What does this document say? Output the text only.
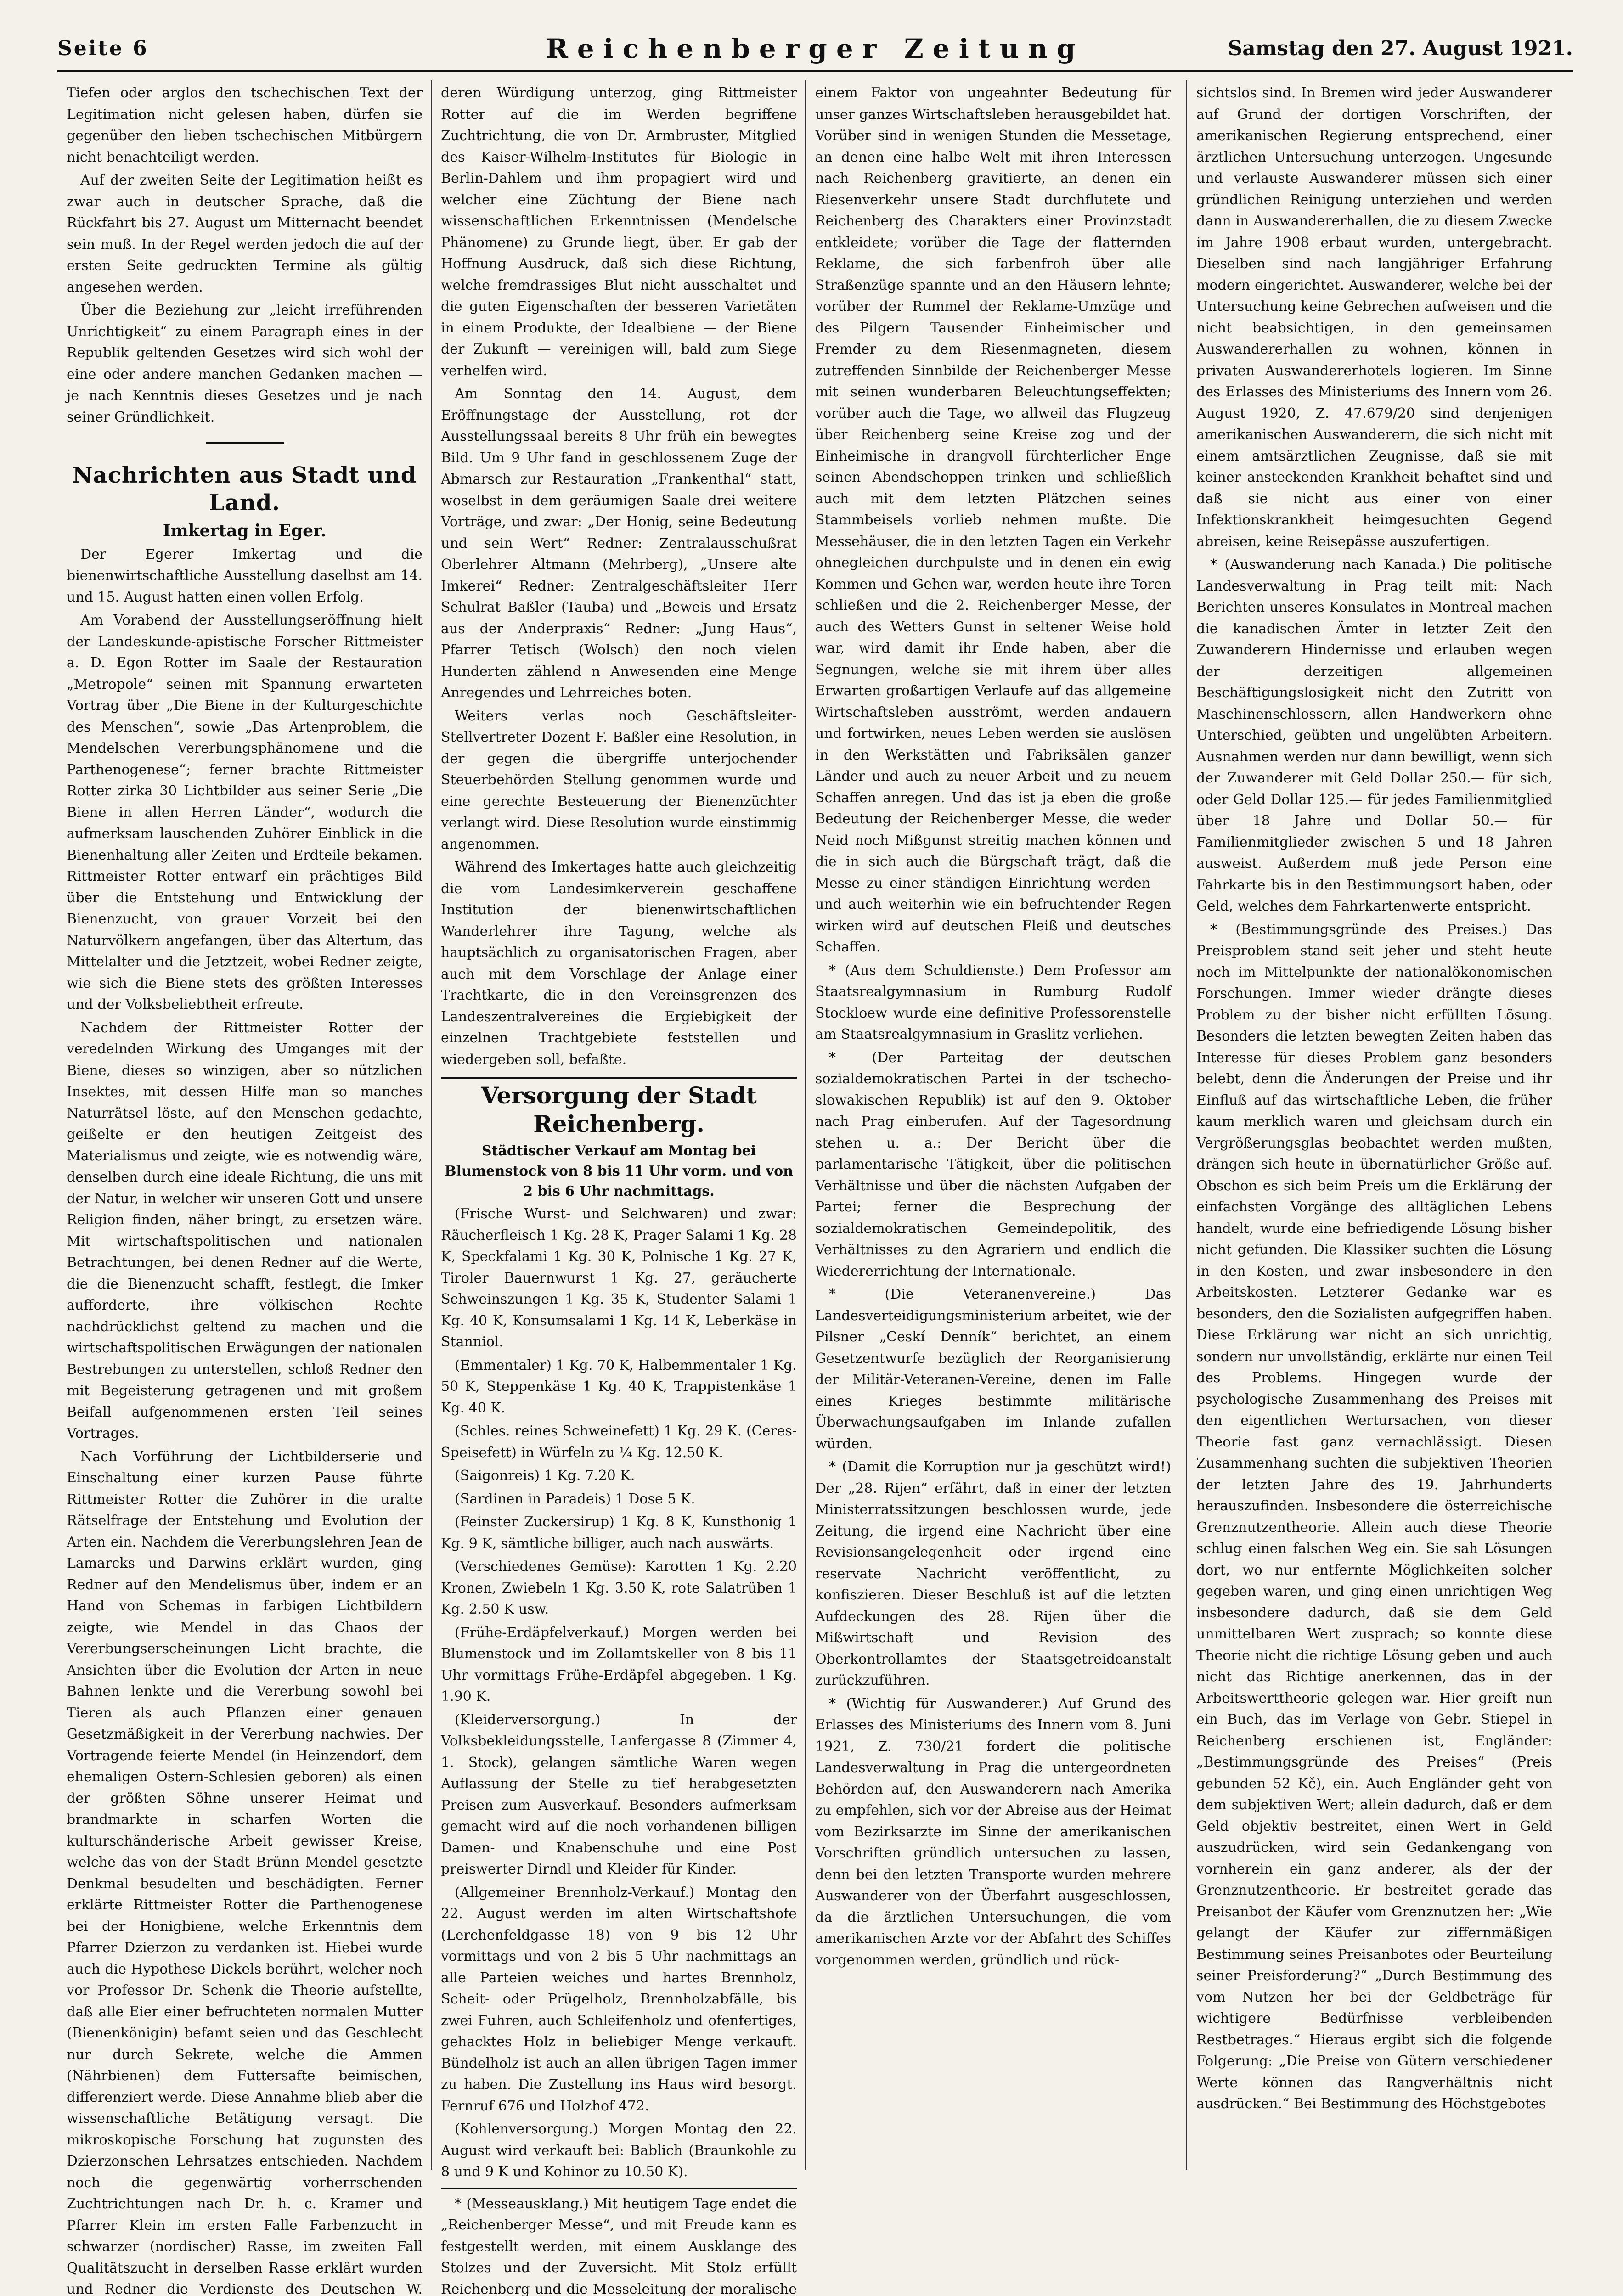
Seite 6	Reichenberger Zeitung	Samstag den 27. August 1921.

Tiefen oder arglos den tschechischen Text der Legitimation nicht gelesen haben, dürfen sie gegenüber den lieben tschechischen Mitbürgern nicht benachteiligt werden.

Auf der zweiten Seite der Legitimation heißt es zwar auch in deutscher Sprache, daß die Rückfahrt bis 27. August um Mitternacht beendet sein muß. In der Regel werden jedoch die auf der ersten Seite gedruckten Termine als gültig angesehen werden.

Über die Beziehung zur „leicht irreführenden Unrichtigkeit“ zu einem Paragraph eines in der Republik geltenden Gesetzes wird sich wohl der eine oder andere manchen Gedanken machen — je nach Kenntnis dieses Gesetzes und je nach seiner Gründlichkeit.

Nachrichten aus Stadt und Land.
Imkertag in Eger.

Der Egerer Imkertag und die bienenwirtschaftliche Ausstellung daselbst am 14. und 15. August hatten einen vollen Erfolg.

Am Vorabend der Ausstellungseröffnung hielt der Landeskunde-apistische Forscher Rittmeister a. D. Egon Rotter im Saale der Restauration „Metropole“ seinen mit Spannung erwarteten Vortrag über „Die Biene in der Kulturgeschichte des Menschen“, sowie „Das Artenproblem, die Mendelschen Vererbungsphänomene und die Parthenogenese“; ferner brachte Rittmeister Rotter zirka 30 Lichtbilder aus seiner Serie „Die Biene in allen Herren Länder“, wodurch die aufmerksam lauschenden Zuhörer Einblick in die Bienenhaltung aller Zeiten und Erdteile bekamen. Rittmeister Rotter entwarf ein prächtiges Bild über die Entstehung und Entwicklung der Bienenzucht, von grauer Vorzeit bei den Naturvölkern angefangen, über das Altertum, das Mittelalter und die Jetztzeit, wobei Redner zeigte, wie sich die Biene stets des größten Interesses und der Volksbeliebtheit erfreute.

Nachdem der Rittmeister Rotter der veredelnden Wirkung des Umganges mit der Biene, dieses so winzigen, aber so nützlichen Insektes, mit dessen Hilfe man so manches Naturrätsel löste, auf den Menschen gedachte, geißelte er den heutigen Zeitgeist des Materialismus und zeigte, wie es notwendig wäre, denselben durch eine ideale Richtung, die uns mit der Natur, in welcher wir unseren Gott und unsere Religion finden, näher bringt, zu ersetzen wäre. Mit wirtschaftspolitischen und nationalen Betrachtungen, bei denen Redner auf die Werte, die die Bienenzucht schafft, festlegt, die Imker aufforderte, ihre völkischen Rechte nachdrücklichst geltend zu machen und die wirtschaftspolitischen Erwägungen der nationalen Bestrebungen zu unterstellen, schloß Redner den mit Begeisterung getragenen und mit großem Beifall aufgenommenen ersten Teil seines Vortrages.

Nach Vorführung der Lichtbilderserie und Einschaltung einer kurzen Pause führte Rittmeister Rotter die Zuhörer in die uralte Rätselfrage der Entstehung und Evolution der Arten ein. Nachdem die Vererbungslehren Jean de Lamarcks und Darwins erklärt wurden, ging Redner auf den Mendelismus über, indem er an Hand von Schemas in farbigen Lichtbildern zeigte, wie Mendel in das Chaos der Vererbungserscheinungen Licht brachte, die Ansichten über die Evolution der Arten in neue Bahnen lenkte und die Vererbung sowohl bei Tieren als auch Pflanzen einer genauen Gesetzmäßigkeit in der Vererbung nachwies. Der Vortragende feierte Mendel (in Heinzendorf, dem ehemaligen Ostern-Schlesien geboren) als einen der größten Söhne unserer Heimat und brandmarkte in scharfen Worten die kulturschänderische Arbeit gewisser Kreise, welche das von der Stadt Brünn Mendel gesetzte Denkmal besudelten und beschädigten. Ferner erklärte Rittmeister Rotter die Parthenogenese bei der Honigbiene, welche Erkenntnis dem Pfarrer Dzierzon zu verdanken ist. Hiebei wurde auch die Hypothese Dickels berührt, welcher noch vor Professor Dr. Schenk die Theorie aufstellte, daß alle Eier einer befruchteten normalen Mutter (Bienenkönigin) befamt seien und das Geschlecht nur durch Sekrete, welche die Ammen (Nährbienen) dem Futtersafte beimischen, differenziert werde. Diese Annahme blieb aber die wissenschaftliche Betätigung versagt. Die mikroskopische Forschung hat zugunsten des Dzierzonschen Lehrsatzes entschieden. Nachdem noch die gegenwärtig vorherrschenden Zuchtrichtungen nach Dr. h. c. Kramer und Pfarrer Klein im ersten Falle Farbenzucht in schwarzer (nordischer) Rasse, im zweiten Fall Qualitätszucht in derselben Rasse erklärt wurden und Redner die Verdienste des Deutschen W.

deren Würdigung unterzog, ging Rittmeister Rotter auf die im Werden begriffene Zuchtrichtung, die von Dr. Armbruster, Mitglied des Kaiser-Wilhelm-Institutes für Biologie in Berlin-Dahlem und ihm propagiert wird und welcher eine Züchtung der Biene nach wissenschaftlichen Erkenntnissen (Mendelsche Phänomene) zu Grunde liegt, über. Er gab der Hoffnung Ausdruck, daß sich diese Richtung, welche fremdrassiges Blut nicht ausschaltet und die guten Eigenschaften der besseren Varietäten in einem Produkte, der Idealbiene — der Biene der Zukunft — vereinigen will, bald zum Siege verhelfen wird.

Am Sonntag den 14. August, dem Eröffnungstage der Ausstellung, rot der Ausstellungssaal bereits 8 Uhr früh ein bewegtes Bild. Um 9 Uhr fand in geschlossenem Zuge der Abmarsch zur Restauration „Frankenthal“ statt, woselbst in dem geräumigen Saale drei weitere Vorträge, und zwar: „Der Honig, seine Bedeutung und sein Wert“ Redner: Zentralausschußrat Oberlehrer Altmann (Mehrberg), „Unsere alte Imkerei“ Redner: Zentralgeschäftsleiter Herr Schulrat Baßler (Tauba) und „Beweis und Ersatz aus der Anderpraxis“ Redner: „Jung Haus“, Pfarrer Tetisch (Wolsch) den noch vielen Hunderten zählend n Anwesenden eine Menge Anregendes und Lehrreiches boten.

Weiters verlas noch Geschäftsleiter-Stellvertreter Dozent F. Baßler eine Resolution, in der gegen die übergriffe unterjochender Steuerbehörden Stellung genommen wurde und eine gerechte Besteuerung der Bienenzüchter verlangt wird. Diese Resolution wurde einstimmig angenommen.

Während des Imkertages hatte auch gleichzeitig die vom Landesimkerverein geschaffene Institution der bienenwirtschaftlichen Wanderlehrer ihre Tagung, welche als hauptsächlich zu organisatorischen Fragen, aber auch mit dem Vorschlage der Anlage einer Trachtkarte, die in den Vereinsgrenzen des Landeszentralvereines die Ergiebigkeit der einzelnen Trachtgebiete feststellen und wiedergeben soll, befaßte.

Versorgung der Stadt Reichenberg.
Städtischer Verkauf am Montag bei Blumenstock von 8 bis 11 Uhr vorm. und von 2 bis 6 Uhr nachmittags.

(Frische Wurst- und Selchwaren) und zwar: Räucherfleisch 1 Kg. 28 K, Prager Salami 1 Kg. 28 K, Speckfalami 1 Kg. 30 K, Polnische 1 Kg. 27 K, Tiroler Bauernwurst 1 Kg. 27, geräucherte Schweinszungen 1 Kg. 35 K, Studenter Salami 1 Kg. 40 K, Konsumsalami 1 Kg. 14 K, Leberkäse in Stanniol.

(Emmentaler) 1 Kg. 70 K, Halbemmentaler 1 Kg. 50 K, Steppenkäse 1 Kg. 40 K, Trappistenkäse 1 Kg. 40 K.

(Schles. reines Schweinefett) 1 Kg. 29 K. (Ceres-Speisefett) in Würfeln zu ¼ Kg. 12.50 K.

(Saigonreis) 1 Kg. 7.20 K.

(Sardinen in Paradeis) 1 Dose 5 K.

(Feinster Zuckersirup) 1 Kg. 8 K, Kunsthonig 1 Kg. 9 K, sämtliche billiger, auch nach auswärts.

(Verschiedenes Gemüse): Karotten 1 Kg. 2.20 Kronen, Zwiebeln 1 Kg. 3.50 K, rote Salatrüben 1 Kg. 2.50 K usw.

(Frühe-Erdäpfelverkauf.) Morgen werden bei Blumenstock und im Zollamtskeller von 8 bis 11 Uhr vormittags Frühe-Erdäpfel abgegeben. 1 Kg. 1.90 K.

(Kleiderversorgung.) In der Volksbekleidungsstelle, Lanfergasse 8 (Zimmer 4, 1. Stock), gelangen sämtliche Waren wegen Auflassung der Stelle zu tief herabgesetzten Preisen zum Ausverkauf. Besonders aufmerksam gemacht wird auf die noch vorhandenen billigen Damen- und Knabenschuhe und eine Post preiswerter Dirndl und Kleider für Kinder.

(Allgemeiner Brennholz-Verkauf.) Montag den 22. August werden im alten Wirtschaftshofe (Lerchenfeldgasse 18) von 9 bis 12 Uhr vormittags und von 2 bis 5 Uhr nachmittags an alle Parteien weiches und hartes Brennholz, Scheit- oder Prügelholz, Brennholzabfälle, bis zwei Fuhren, auch Schleifenholz und ofenfertiges, gehacktes Holz in beliebiger Menge verkauft. Bündelholz ist auch an allen übrigen Tagen immer zu haben. Die Zustellung ins Haus wird besorgt. Fernruf 676 und Holzhof 472.

(Kohlenversorgung.) Morgen Montag den 22. August wird verkauft bei: Bablich (Braunkohle zu 8 und 9 K und Kohinor zu 10.50 K).

* (Messeausklang.) Mit heutigem Tage endet die „Reichenberger Messe“, und mit Freude kann es festgestellt werden, mit einem Ausklange des Stolzes und der Zuversicht. Mit Stolz erfüllt Reichenberg und die Messeleitung der moralische

einem Faktor von ungeahnter Bedeutung für unser ganzes Wirtschaftsleben herausgebildet hat. Vorüber sind in wenigen Stunden die Messetage, an denen eine halbe Welt mit ihren Interessen nach Reichenberg gravitierte, an denen ein Riesenverkehr unsere Stadt durchflutete und Reichenberg des Charakters einer Provinzstadt entkleidete; vorüber die Tage der flatternden Reklame, die sich farbenfroh über alle Straßenzüge spannte und an den Häusern lehnte; vorüber der Rummel der Reklame-Umzüge und des Pilgern Tausender Einheimischer und Fremder zu dem Riesenmagneten, diesem zutreffenden Sinnbilde der Reichenberger Messe mit seinen wunderbaren Beleuchtungseffekten; vorüber auch die Tage, wo allweil das Flugzeug über Reichenberg seine Kreise zog und der Einheimische in drangvoll fürchterlicher Enge seinen Abendschoppen trinken und schließlich auch mit dem letzten Plätzchen seines Stammbeisels vorlieb nehmen mußte. Die Messehäuser, die in den letzten Tagen ein Verkehr ohnegleichen durchpulste und in denen ein ewig Kommen und Gehen war, werden heute ihre Toren schließen und die 2. Reichenberger Messe, der auch des Wetters Gunst in seltener Weise hold war, wird damit ihr Ende haben, aber die Segnungen, welche sie mit ihrem über alles Erwarten großartigen Verlaufe auf das allgemeine Wirtschaftsleben ausströmt, werden andauern und fortwirken, neues Leben werden sie auslösen in den Werkstätten und Fabriksälen ganzer Länder und auch zu neuer Arbeit und zu neuem Schaffen anregen. Und das ist ja eben die große Bedeutung der Reichenberger Messe, die weder Neid noch Mißgunst streitig machen können und die in sich auch die Bürgschaft trägt, daß die Messe zu einer ständigen Einrichtung werden — und auch weiterhin wie ein befruchtender Regen wirken wird auf deutschen Fleiß und deutsches Schaffen.

* (Aus dem Schuldienste.) Dem Professor am Staatsrealgymnasium in Rumburg Rudolf Stockloew wurde eine definitive Professorenstelle am Staatsrealgymnasium in Graslitz verliehen.

* (Der Parteitag der deutschen sozialdemokratischen Partei in der tschecho-slowakischen Republik) ist auf den 9. Oktober nach Prag einberufen. Auf der Tagesordnung stehen u. a.: Der Bericht über die parlamentarische Tätigkeit, über die politischen Verhältnisse und über die nächsten Aufgaben der Partei; ferner die Besprechung der sozialdemokratischen Gemeindepolitik, des Verhältnisses zu den Agrariern und endlich die Wiedererrichtung der Internationale.

* (Die Veteranenvereine.) Das Landesverteidigungsministerium arbeitet, wie der Pilsner „Ceskí Denník“ berichtet, an einem Gesetzentwurfe bezüglich der Reorganisierung der Militär-Veteranen-Vereine, denen im Falle eines Krieges bestimmte militärische Überwachungsaufgaben im Inlande zufallen würden.

* (Damit die Korruption nur ja geschützt wird!) Der „28. Rijen“ erfährt, daß in einer der letzten Ministerratssitzungen beschlossen wurde, jede Zeitung, die irgend eine Nachricht über eine Revisionsangelegenheit oder irgend eine reservate Nachricht veröffentlicht, zu konfiszieren. Dieser Beschluß ist auf die letzten Aufdeckungen des 28. Rijen über die Mißwirtschaft und Revision des Oberkontrollamtes der Staatsgetreideanstalt zurückzuführen.

* (Wichtig für Auswanderer.) Auf Grund des Erlasses des Ministeriums des Innern vom 8. Juni 1921, Z. 730/21 fordert die politische Landesverwaltung in Prag die untergeordneten Behörden auf, den Auswanderern nach Amerika zu empfehlen, sich vor der Abreise aus der Heimat vom Bezirksarzte im Sinne der amerikanischen Vorschriften gründlich untersuchen zu lassen, denn bei den letzten Transporte wurden mehrere Auswanderer von der Überfahrt ausgeschlossen, da die ärztlichen Untersuchungen, die vom amerikanischen Arzte vor der Abfahrt des Schiffes vorgenommen werden, gründlich und rück-

sichtslos sind. In Bremen wird jeder Auswanderer auf Grund der dortigen Vorschriften, der amerikanischen Regierung entsprechend, einer ärztlichen Untersuchung unterzogen. Ungesunde und verlauste Auswanderer müssen sich einer gründlichen Reinigung unterziehen und werden dann in Auswandererhallen, die zu diesem Zwecke im Jahre 1908 erbaut wurden, untergebracht. Dieselben sind nach langjähriger Erfahrung modern eingerichtet. Auswanderer, welche bei der Untersuchung keine Gebrechen aufweisen und die nicht beabsichtigen, in den gemeinsamen Auswandererhallen zu wohnen, können in privaten Auswandererhotels logieren. Im Sinne des Erlasses des Ministeriums des Innern vom 26. August 1920, Z. 47.679/20 sind denjenigen amerikanischen Auswanderern, die sich nicht mit einem amtsärztlichen Zeugnisse, daß sie mit keiner ansteckenden Krankheit behaftet sind und daß sie nicht aus einer von einer Infektionskrankheit heimgesuchten Gegend abreisen, keine Reisepässe auszufertigen.

* (Auswanderung nach Kanada.) Die politische Landesverwaltung in Prag teilt mit: Nach Berichten unseres Konsulates in Montreal machen die kanadischen Ämter in letzter Zeit den Zuwanderern Hindernisse und erlauben wegen der derzeitigen allgemeinen Beschäftigungslosigkeit nicht den Zutritt von Maschinenschlossern, allen Handwerkern ohne Unterschied, geübten und ungelübten Arbeitern. Ausnahmen werden nur dann bewilligt, wenn sich der Zuwanderer mit Geld Dollar 250.— für sich, oder Geld Dollar 125.— für jedes Familienmitglied über 18 Jahre und Dollar 50.— für Familienmitglieder zwischen 5 und 18 Jahren ausweist. Außerdem muß jede Person eine Fahrkarte bis in den Bestimmungsort haben, oder Geld, welches dem Fahrkartenwerte entspricht.

* (Bestimmungsgründe des Preises.) Das Preisproblem stand seit jeher und steht heute noch im Mittelpunkte der nationalökonomischen Forschungen. Immer wieder drängte dieses Problem zu der bisher nicht erfüllten Lösung. Besonders die letzten bewegten Zeiten haben das Interesse für dieses Problem ganz besonders belebt, denn die Änderungen der Preise und ihr Einfluß auf das wirtschaftliche Leben, die früher kaum merklich waren und gleichsam durch ein Vergrößerungsglas beobachtet werden mußten, drängen sich heute in übernatürlicher Größe auf. Obschon es sich beim Preis um die Erklärung der einfachsten Vorgänge des alltäglichen Lebens handelt, wurde eine befriedigende Lösung bisher nicht gefunden. Die Klassiker suchten die Lösung in den Kosten, und zwar insbesondere in den Arbeitskosten. Letzterer Gedanke war es besonders, den die Sozialisten aufgegriffen haben. Diese Erklärung war nicht an sich unrichtig, sondern nur unvollständig, erklärte nur einen Teil des Problems. Hingegen wurde der psychologische Zusammenhang des Preises mit den eigentlichen Wertursachen, von dieser Theorie fast ganz vernachlässigt. Diesen Zusammenhang suchten die subjektiven Theorien der letzten Jahre des 19. Jahrhunderts herauszufinden. Insbesondere die österreichische Grenznutzentheorie. Allein auch diese Theorie schlug einen falschen Weg ein. Sie sah Lösungen dort, wo nur entfernte Möglichkeiten solcher gegeben waren, und ging einen unrichtigen Weg insbesondere dadurch, daß sie dem Geld unmittelbaren Wert zusprach; so konnte diese Theorie nicht die richtige Lösung geben und auch nicht das Richtige anerkennen, das in der Arbeitswerttheorie gelegen war. Hier greift nun ein Buch, das im Verlage von Gebr. Stiepel in Reichenberg erschienen ist, Engländer: „Bestimmungsgründe des Preises“ (Preis gebunden 52 Kč), ein. Auch Engländer geht von dem subjektiven Wert; allein dadurch, daß er dem Geld objektiv bestreitet, einen Wert in Geld auszudrücken, wird sein Gedankengang von vornherein ein ganz anderer, als der der Grenznutzentheorie. Er bestreitet gerade das Preisanbot der Käufer vom Grenznutzen her: „Wie gelangt der Käufer zur ziffernmäßigen Bestimmung seines Preisanbotes oder Beurteilung seiner Preisforderung?“ „Durch Bestimmung des vom Nutzen her bei der Geldbeträge für wichtigere Bedürfnisse verbleibenden Restbetrages.“ Hieraus ergibt sich die folgende Folgerung: „Die Preise von Gütern verschiedener Werte können das Rangverhältnis nicht ausdrücken.“ Bei Bestimmung des Höchstgebotes
